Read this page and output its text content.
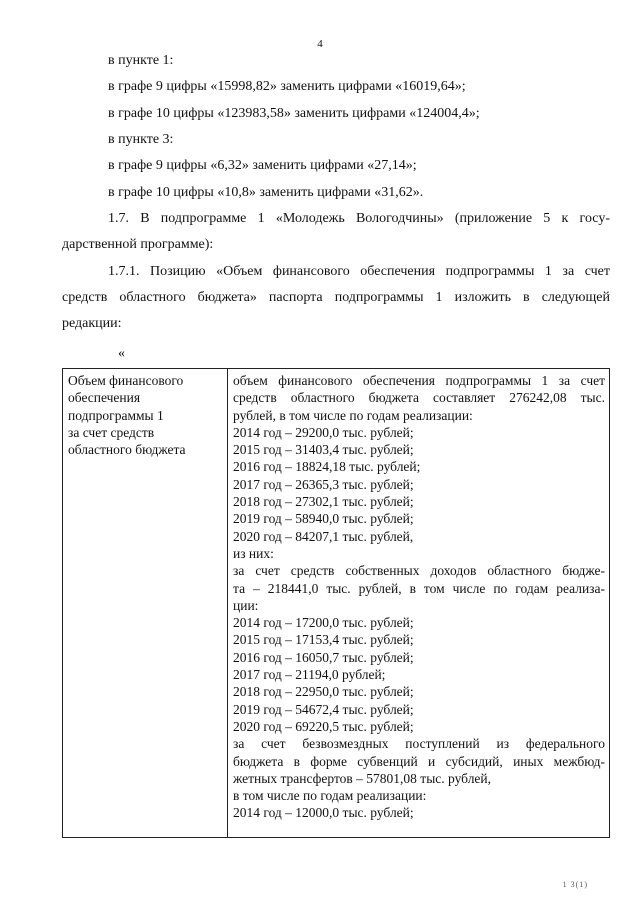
4
в пункте 1:
в графе 9 цифры «15998,82» заменить цифрами «16019,64»;
в графе 10 цифры «123983,58» заменить цифрами «124004,4»;
в пункте 3:
в графе 9 цифры «6,32» заменить цифрами «27,14»;
в графе 10 цифры «10,8» заменить цифрами «31,62».
1.7. В подпрограмме 1 «Молодежь Вологодчины» (приложение 5 к госу-
дарственной программе):
1.7.1. Позицию «Объем финансового обеспечения подпрограммы 1 за счет
средств областного бюджета» паспорта подпрограммы 1 изложить в следующей
редакции:
«
Объем финансового
обеспечения
подпрограммы 1
за счет средств
областного бюджета

объем финансового обеспечения подпрограммы 1 за счет
средств областного бюджета составляет 276242,08 тыс.
рублей, в том числе по годам реализации:
2014 год – 29200,0 тыс. рублей;
2015 год – 31403,4 тыс. рублей;
2016 год – 18824,18 тыс. рублей;
2017 год – 26365,3 тыс. рублей;
2018 год – 27302,1 тыс. рублей;
2019 год – 58940,0 тыс. рублей;
2020 год – 84207,1 тыс. рублей,
из них:
за счет средств собственных доходов областного бюдже-
та – 218441,0 тыс. рублей, в том числе по годам реализа-
ции:
2014 год – 17200,0 тыс. рублей;
2015 год – 17153,4 тыс. рублей;
2016 год – 16050,7 тыс. рублей;
2017 год – 21194,0 рублей;
2018 год – 22950,0 тыс. рублей;
2019 год – 54672,4 тыс. рублей;
2020 год – 69220,5 тыс. рублей;
за счет безвозмездных поступлений из федерального
бюджета в форме субвенций и субсидий, иных межбюд-
жетных трансфертов – 57801,08 тыс. рублей,
в том числе по годам реализации:
2014 год – 12000,0 тыс. рублей;
1 3(1)
